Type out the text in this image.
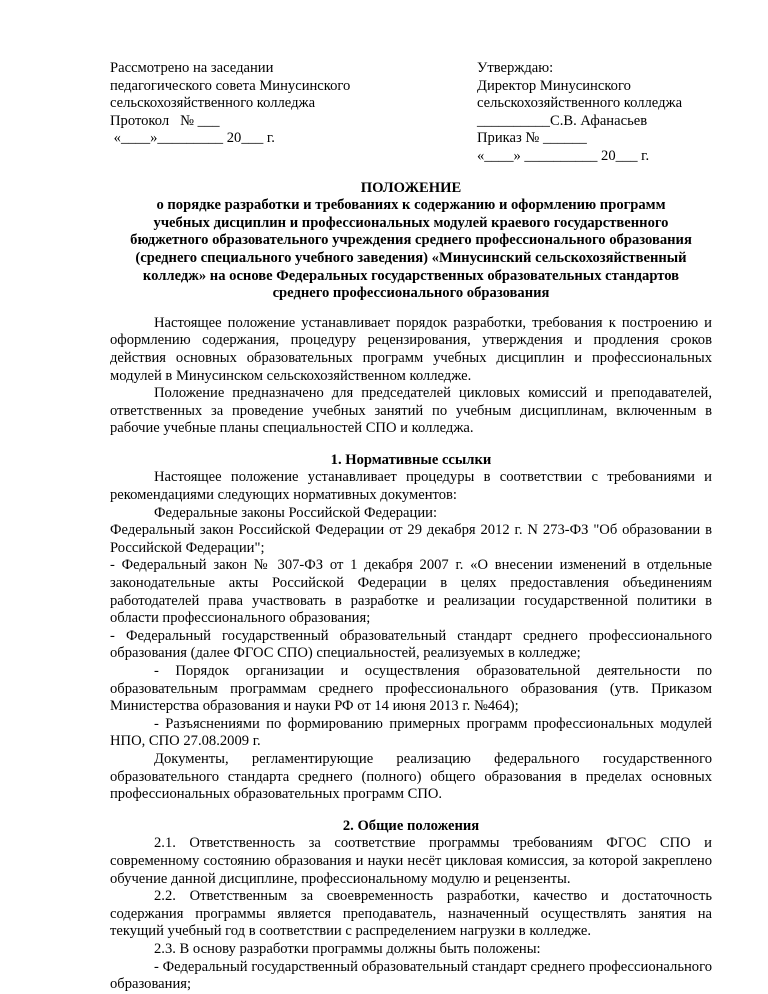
Рассмотрено на заседании
педагогического совета Минусинского
сельскохозяйственного колледжа
Протокол   № ___
«____»_________ 20___ г.
Утверждаю:
Директор Минусинского
сельскохозяйственного колледжа
__________С.В. Афанасьев
Приказ № ______
«____» __________ 20___ г.
ПОЛОЖЕНИЕ
о порядке разработки и требованиях к содержанию и оформлению программ
учебных дисциплин и профессиональных модулей краевого государственного
бюджетного образовательного учреждения среднего профессионального образования
(среднего специального учебного заведения) «Минусинский сельскохозяйственный
колледж» на основе Федеральных государственных образовательных стандартов
среднего профессионального образования

Настоящее положение устанавливает порядок разработки, требования к построению и оформлению содержания, процедуру рецензирования, утверждения и продления сроков действия основных образовательных программ учебных дисциплин и профессиональных модулей в Минусинском сельскохозяйственном колледже.

Положение предназначено для председателей цикловых комиссий и преподавателей, ответственных за проведение учебных занятий по учебным дисциплинам, включенным в рабочие учебные планы специальностей СПО и колледжа.

1. Нормативные ссылки

Настоящее положение устанавливает процедуры в соответствии с требованиями и рекомендациями следующих нормативных документов:

Федеральные законы Российской Федерации:

Федеральный закон Российской Федерации от 29 декабря 2012 г. N 273-ФЗ "Об образовании в Российской Федерации";

- Федеральный закон № 307-ФЗ от 1 декабря 2007 г. «О внесении изменений в отдельные законодательные акты Российской Федерации в целях предоставления объединениям работодателей права участвовать в разработке и реализации государственной политики в области профессионального образования;

- Федеральный государственный образовательный стандарт среднего профессионального образования (далее ФГОС СПО) специальностей, реализуемых в колледже;

- Порядок организации и осуществления образовательной деятельности по образовательным программам среднего профессионального образования (утв. Приказом Министерства образования и науки РФ от 14 июня 2013 г. №464);

- Разъяснениями по формированию примерных программ профессиональных модулей НПО, СПО 27.08.2009 г.

Документы, регламентирующие реализацию федерального государственного образовательного стандарта среднего (полного) общего образования в пределах основных профессиональных образовательных программ СПО.

2. Общие положения

2.1. Ответственность за соответствие программы требованиям ФГОС СПО и современному состоянию образования и науки несёт цикловая комиссия, за которой закреплено обучение данной дисциплине, профессиональному модулю и рецензенты.

2.2. Ответственным за своевременность разработки, качество и достаточность содержания программы является преподаватель, назначенный осуществлять занятия на текущий учебный год в соответствии с распределением нагрузки в колледже.

2.3. В основу разработки программы должны быть положены:

- Федеральный государственный образовательный стандарт среднего профессионального образования;
